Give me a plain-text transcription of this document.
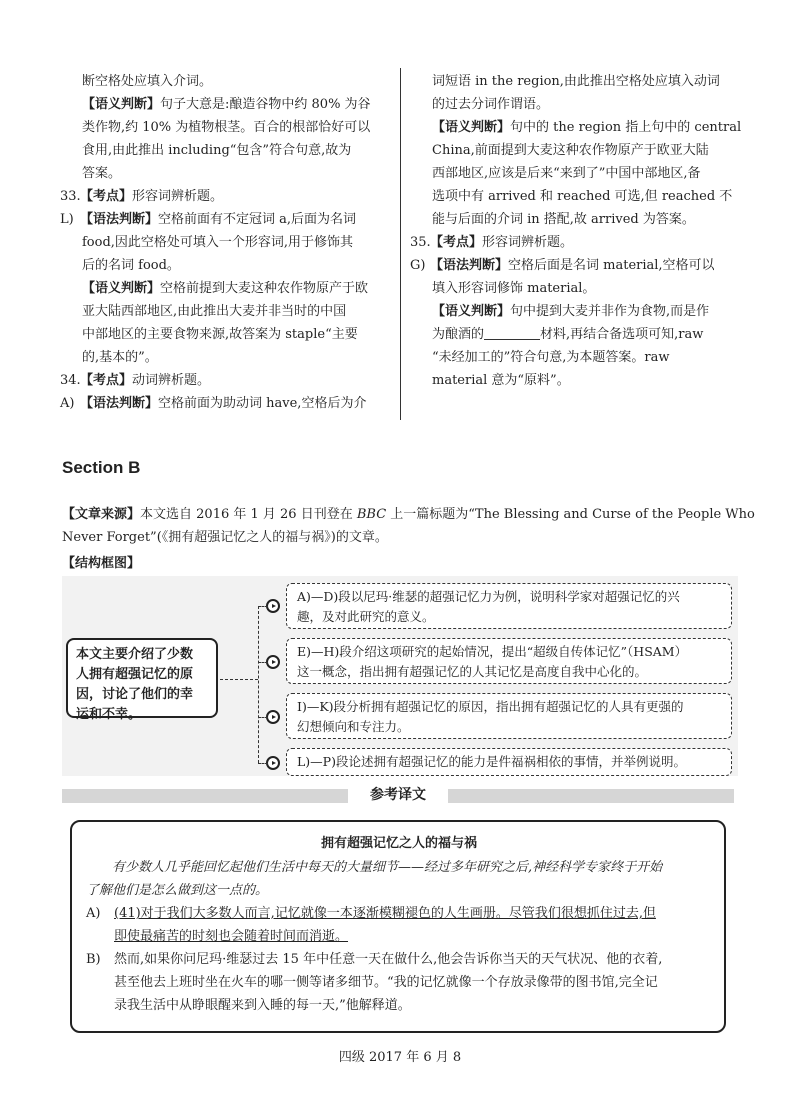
断空格处应填入介词。
【语义判断】句子大意是:酿造谷物中约 80% 为谷
类作物,约 10% 为植物根茎。百合的根部恰好可以
食用,由此推出 including“包含”符合句意,故为
答案。
33.【考点】形容词辨析题。
L) 【语法判断】空格前面有不定冠词 a,后面为名词
food,因此空格处可填入一个形容词,用于修饰其
后的名词 food。
【语义判断】空格前提到大麦这种农作物原产于欧
亚大陆西部地区,由此推出大麦并非当时的中国
中部地区的主要食物来源,故答案为 staple“主要
的,基本的”。
34.【考点】动词辨析题。
A) 【语法判断】空格前面为助动词 have,空格后为介
词短语 in the region,由此推出空格处应填入动词
的过去分词作谓语。
【语义判断】句中的 the region 指上句中的 central
China,前面提到大麦这种农作物原产于欧亚大陆
西部地区,应该是后来“来到了”中国中部地区,备
选项中有 arrived 和 reached 可选,但 reached 不
能与后面的介词 in 搭配,故 arrived 为答案。
35.【考点】形容词辨析题。
G) 【语法判断】空格后面是名词 material,空格可以
填入形容词修饰 material。
【语义判断】句中提到大麦并非作为食物,而是作
为酿酒的	材料,再结合备选项可知,raw
“未经加工的”符合句意,为本题答案。raw
material 意为“原料”。
Section B
【文章来源】本文选自 2016 年 1 月 26 日刊登在 BBC 上一篇标题为“The Blessing and Curse of the People Who
Never Forget”(《拥有超强记忆之人的福与祸》)的文章。
【结构框图】
本文主要介绍了少数
人拥有超强记忆的原
因，讨论了他们的幸
运和不幸。
A)—D)段以尼玛·维瑟的超强记忆力为例，说明科学家对超强记忆的兴
趣，及对此研究的意义。
E)—H)段介绍这项研究的起始情况，提出“超级自传体记忆”（HSAM）
这一概念，指出拥有超强记忆的人其记忆是高度自我中心化的。
I)—K)段分析拥有超强记忆的原因，指出拥有超强记忆的人具有更强的
幻想倾向和专注力。
L)—P)段论述拥有超强记忆的能力是件福祸相依的事情，并举例说明。
参考译文
拥有超强记忆之人的福与祸
有少数人几乎能回忆起他们生活中每天的大量细节——经过多年研究之后,神经科学专家终于开始
了解他们是怎么做到这一点的。
A)	(41)对于我们大多数人而言,记忆就像一本逐渐模糊褪色的人生画册。尽管我们很想抓住过去,但
即使最痛苦的时刻也会随着时间而消逝。
B)	然而,如果你问尼玛·维瑟过去 15 年中任意一天在做什么,他会告诉你当天的天气状况、他的衣着,
甚至他去上班时坐在火车的哪一侧等诸多细节。“我的记忆就像一个存放录像带的图书馆,完全记
录我生活中从睁眼醒来到入睡的每一天,”他解释道。
四级 2017 年 6 月 8
